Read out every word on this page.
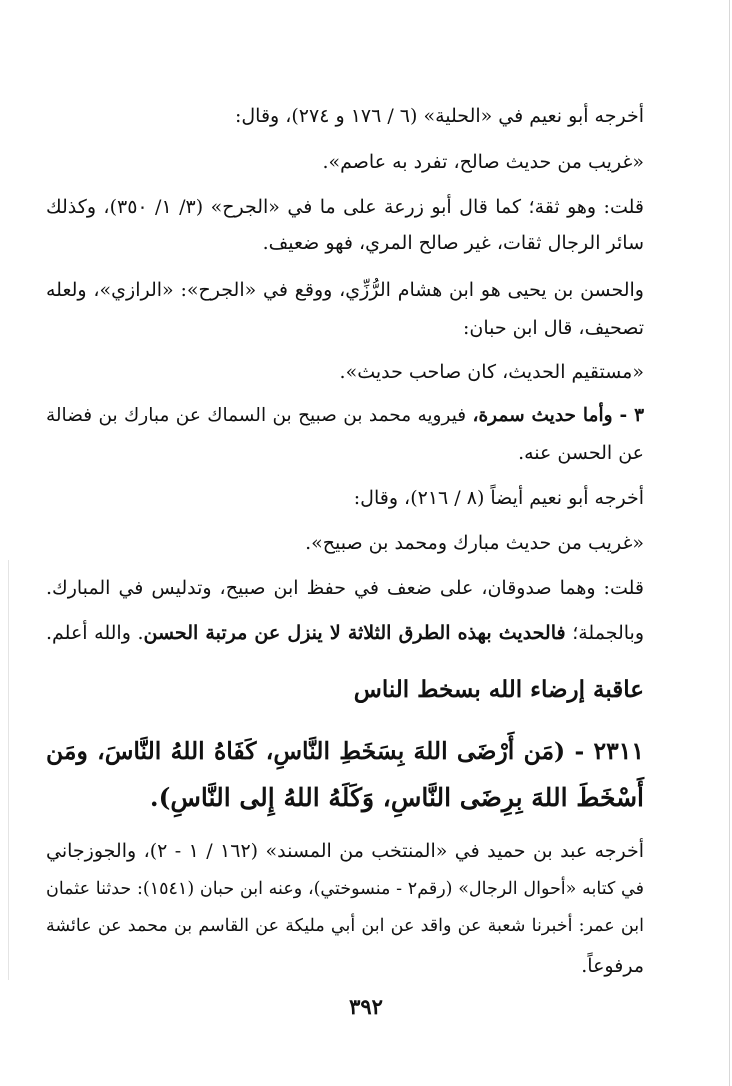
أخرجه أبو نعيم في «الحلية» (٦ / ١٧٦ و ٢٧٤)، وقال:
«غريب من حديث صالح، تفرد به عاصم».
قلت: وهو ثقة؛ كما قال أبو زرعة على ما في «الجرح» (٣/ ١/ ٣٥٠)، وكذلك
سائر الرجال ثقات، غير صالح المري، فهو ضعيف.
والحسن بن يحيى هو ابن هشام الرُّزِّي، ووقع في «الجرح»: «الرازي»، ولعله
تصحيف، قال ابن حبان:
«مستقيم الحديث، كان صاحب حديث».
٣ - وأما حديث سمرة، فيرويه محمد بن صبيح بن السماك عن مبارك بن فضالة
عن الحسن عنه.
أخرجه أبو نعيم أيضاً (٨ / ٢١٦)، وقال:
«غريب من حديث مبارك ومحمد بن صبيح».
قلت: وهما صدوقان، على ضعف في حفظ ابن صبيح، وتدليس في المبارك.
وبالجملة؛ فالحديث بهذه الطرق الثلاثة لا ينزل عن مرتبة الحسن. والله أعلم.
عاقبة إرضاء الله بسخط الناس
٢٣١١ - (مَن أَرْضَى اللهَ بِسَخَطِ النَّاسِ، كَفَاهُ اللهُ النَّاسَ، ومَن
أَسْخَطَ اللهَ بِرِضَى النَّاسِ، وَكَلَهُ اللهُ إِلى النَّاسِ).
أخرجه عبد بن حميد في «المنتخب من المسند» (١٦٢ / ١ - ٢)، والجوزجاني
في كتابه «أحوال الرجال» (رقم٢ - منسوختي)، وعنه ابن حبان (١٥٤١): حدثنا عثمان
ابن عمر: أخبرنا شعبة عن واقد عن ابن أبي مليكة عن القاسم بن محمد عن عائشة
مرفوعاً.
٣٩٢
